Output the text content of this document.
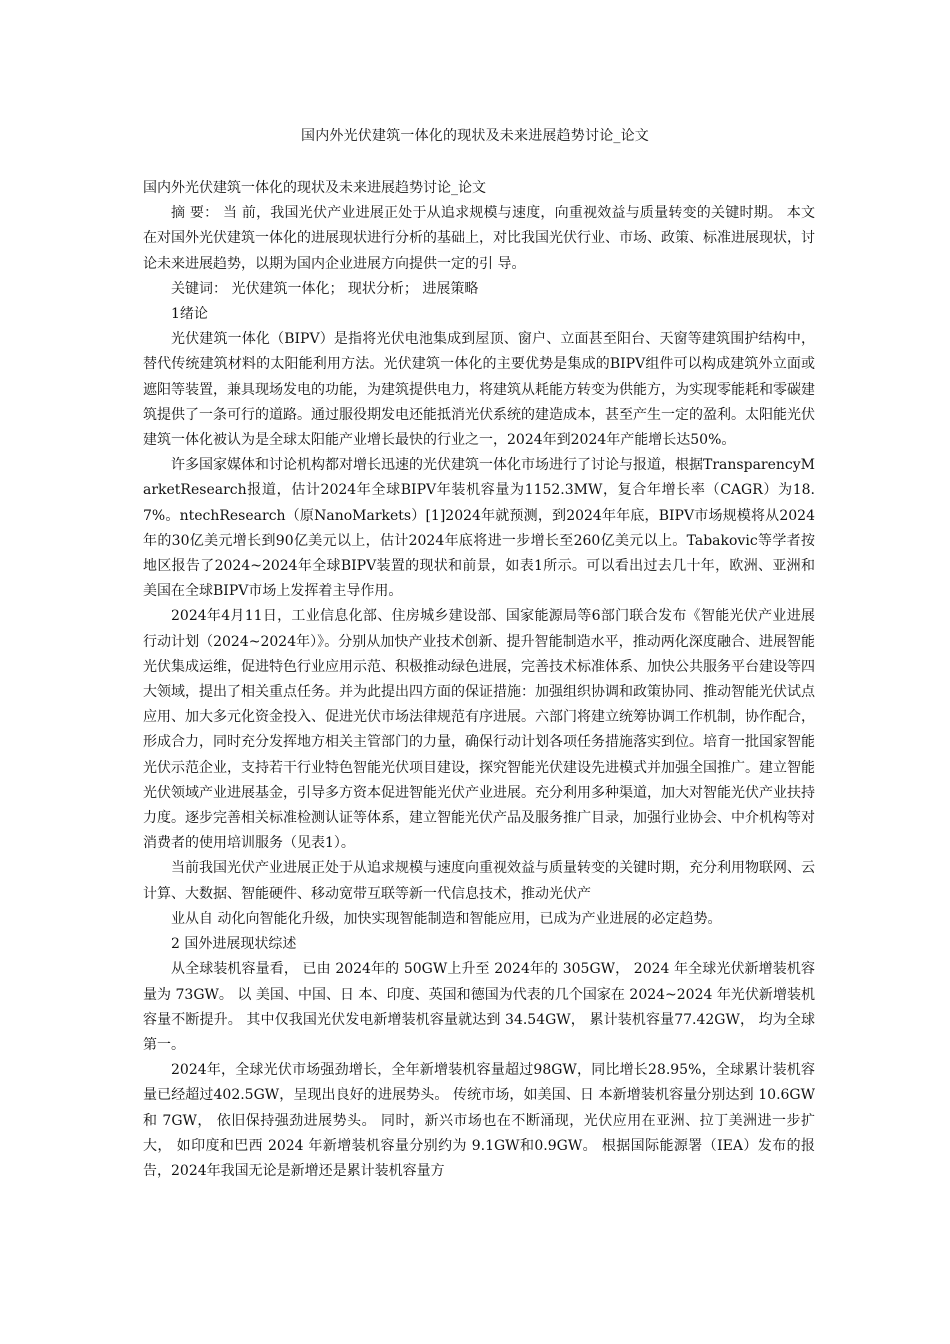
国内外光伏建筑一体化的现状及未来进展趋势讨论_论文

国内外光伏建筑一体化的现状及未来进展趋势讨论_论文

摘 要： 当 前，我国光伏产业进展正处于从追求规模与速度，向重视效益与质量转变的关键时期。 本文在对国外光伏建筑一体化的进展现状进行分析的基础上，对比我国光伏行业、市场、政策、标准进展现状，讨论未来进展趋势，以期为国内企业进展方向提供一定的引 导。

关键词： 光伏建筑一体化； 现状分析； 进展策略

1绪论

光伏建筑一体化（BIPV）是指将光伏电池集成到屋顶、窗户、立面甚至阳台、天窗等建筑围护结构中，替代传统建筑材料的太阳能利用方法。光伏建筑一体化的主要优势是集成的BIPV组件可以构成建筑外立面或遮阳等装置，兼具现场发电的功能，为建筑提供电力，将建筑从耗能方转变为供能方，为实现零能耗和零碳建筑提供了一条可行的道路。通过服役期发电还能抵消光伏系统的建造成本，甚至产生一定的盈利。太阳能光伏建筑一体化被认为是全球太阳能产业增长最快的行业之一，2024年到2024年产能增长达50%。

许多国家媒体和讨论机构都对增长迅速的光伏建筑一体化市场进行了讨论与报道，根据TransparencyMarketResearch报道，估计2024年全球BIPV年装机容量为1152.3MW，复合年增长率（CAGR）为18.7%。ntechResearch（原NanoMarkets）[1]2024年就预测，到2024年年底，BIPV市场规模将从2024年的30亿美元增长到90亿美元以上，估计2024年底将进一步增长至260亿美元以上。Tabakovic等学者按地区报告了2024~2024年全球BIPV装置的现状和前景，如表1所示。可以看出过去几十年，欧洲、亚洲和美国在全球BIPV市场上发挥着主导作用。

2024年4月11日，工业信息化部、住房城乡建设部、国家能源局等6部门联合发布《智能光伏产业进展行动计划（2024~2024年）》。分别从加快产业技术创新、提升智能制造水平，推动两化深度融合、进展智能光伏集成运维，促进特色行业应用示范、积极推动绿色进展，完善技术标准体系、加快公共服务平台建设等四大领域，提出了相关重点任务。并为此提出四方面的保证措施：加强组织协调和政策协同、推动智能光伏试点应用、加大多元化资金投入、促进光伏市场法律规范有序进展。六部门将建立统筹协调工作机制，协作配合，形成合力，同时充分发挥地方相关主管部门的力量，确保行动计划各项任务措施落实到位。培育一批国家智能光伏示范企业，支持若干行业特色智能光伏项目建设，探究智能光伏建设先进模式并加强全国推广。建立智能光伏领域产业进展基金，引导多方资本促进智能光伏产业进展。充分利用多种渠道，加大对智能光伏产业扶持力度。逐步完善相关标准检测认证等体系，建立智能光伏产品及服务推广目录，加强行业协会、中介机构等对消费者的使用培训服务（见表1）。

当前我国光伏产业进展正处于从追求规模与速度向重视效益与质量转变的关键时期，充分利用物联网、云计算、大数据、智能硬件、移动宽带互联等新一代信息技术，推动光伏产

业从自 动化向智能化升级，加快实现智能制造和智能应用，已成为产业进展的必定趋势。

2 国外进展现状综述

从全球装机容量看， 已由 2024年的 50GW上升至 2024年的 305GW， 2024 年全球光伏新增装机容量为 73GW。 以 美国、中国、日 本、印度、英国和德国为代表的几个国家在 2024~2024 年光伏新增装机容量不断提升。 其中仅我国光伏发电新增装机容量就达到 34.54GW， 累计装机容量77.42GW， 均为全球第一。

2024年，全球光伏市场强劲增长，全年新增装机容量超过98GW，同比增长28.95%，全球累计装机容量已经超过402.5GW，呈现出良好的进展势头。 传统市场，如美国、日 本新增装机容量分别达到 10.6GW和 7GW， 依旧保持强劲进展势头。 同时，新兴市场也在不断涌现，光伏应用在亚洲、拉丁美洲进一步扩大， 如印度和巴西 2024 年新增装机容量分别约为 9.1GW和0.9GW。 根据国际能源署（IEA）发布的报告，2024年我国无论是新增还是累计装机容量方
